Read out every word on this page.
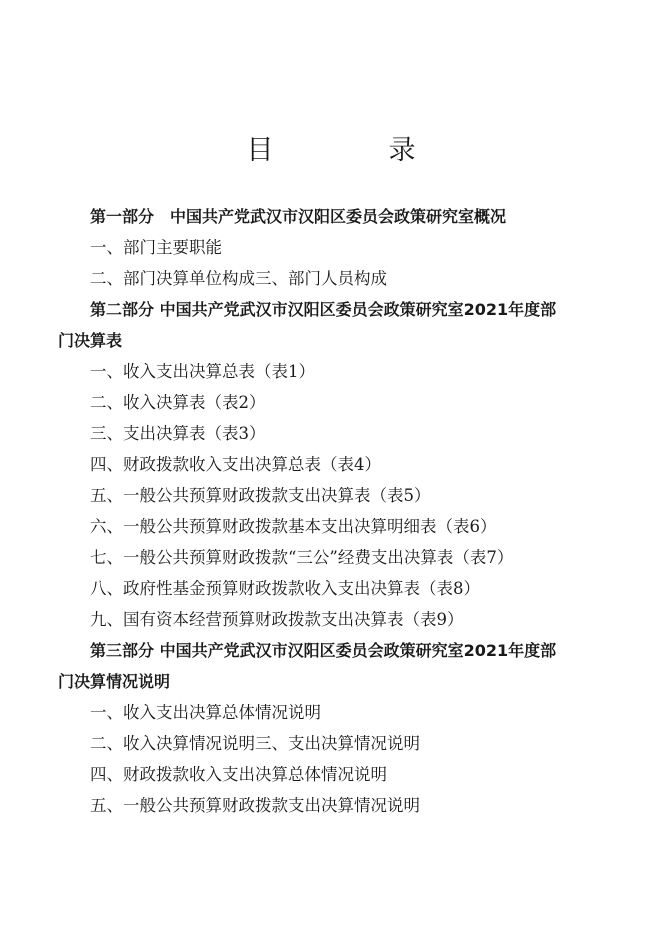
目　录
第一部分　中国共产党武汉市汉阳区委员会政策研究室概况
一、部门主要职能
二、部门决算单位构成三、部门人员构成
第二部分 中国共产党武汉市汉阳区委员会政策研究室2021年度部
门决算表
一、收入支出决算总表（表1）
二、收入决算表（表2）
三、支出决算表（表3）
四、财政拨款收入支出决算总表（表4）
五、一般公共预算财政拨款支出决算表（表5）
六、一般公共预算财政拨款基本支出决算明细表（表6）
七、一般公共预算财政拨款“三公”经费支出决算表（表7）
八、政府性基金预算财政拨款收入支出决算表（表8）
九、国有资本经营预算财政拨款支出决算表（表9）
第三部分 中国共产党武汉市汉阳区委员会政策研究室2021年度部
门决算情况说明
一、收入支出决算总体情况说明
二、收入决算情况说明三、支出决算情况说明
四、财政拨款收入支出决算总体情况说明
五、一般公共预算财政拨款支出决算情况说明
